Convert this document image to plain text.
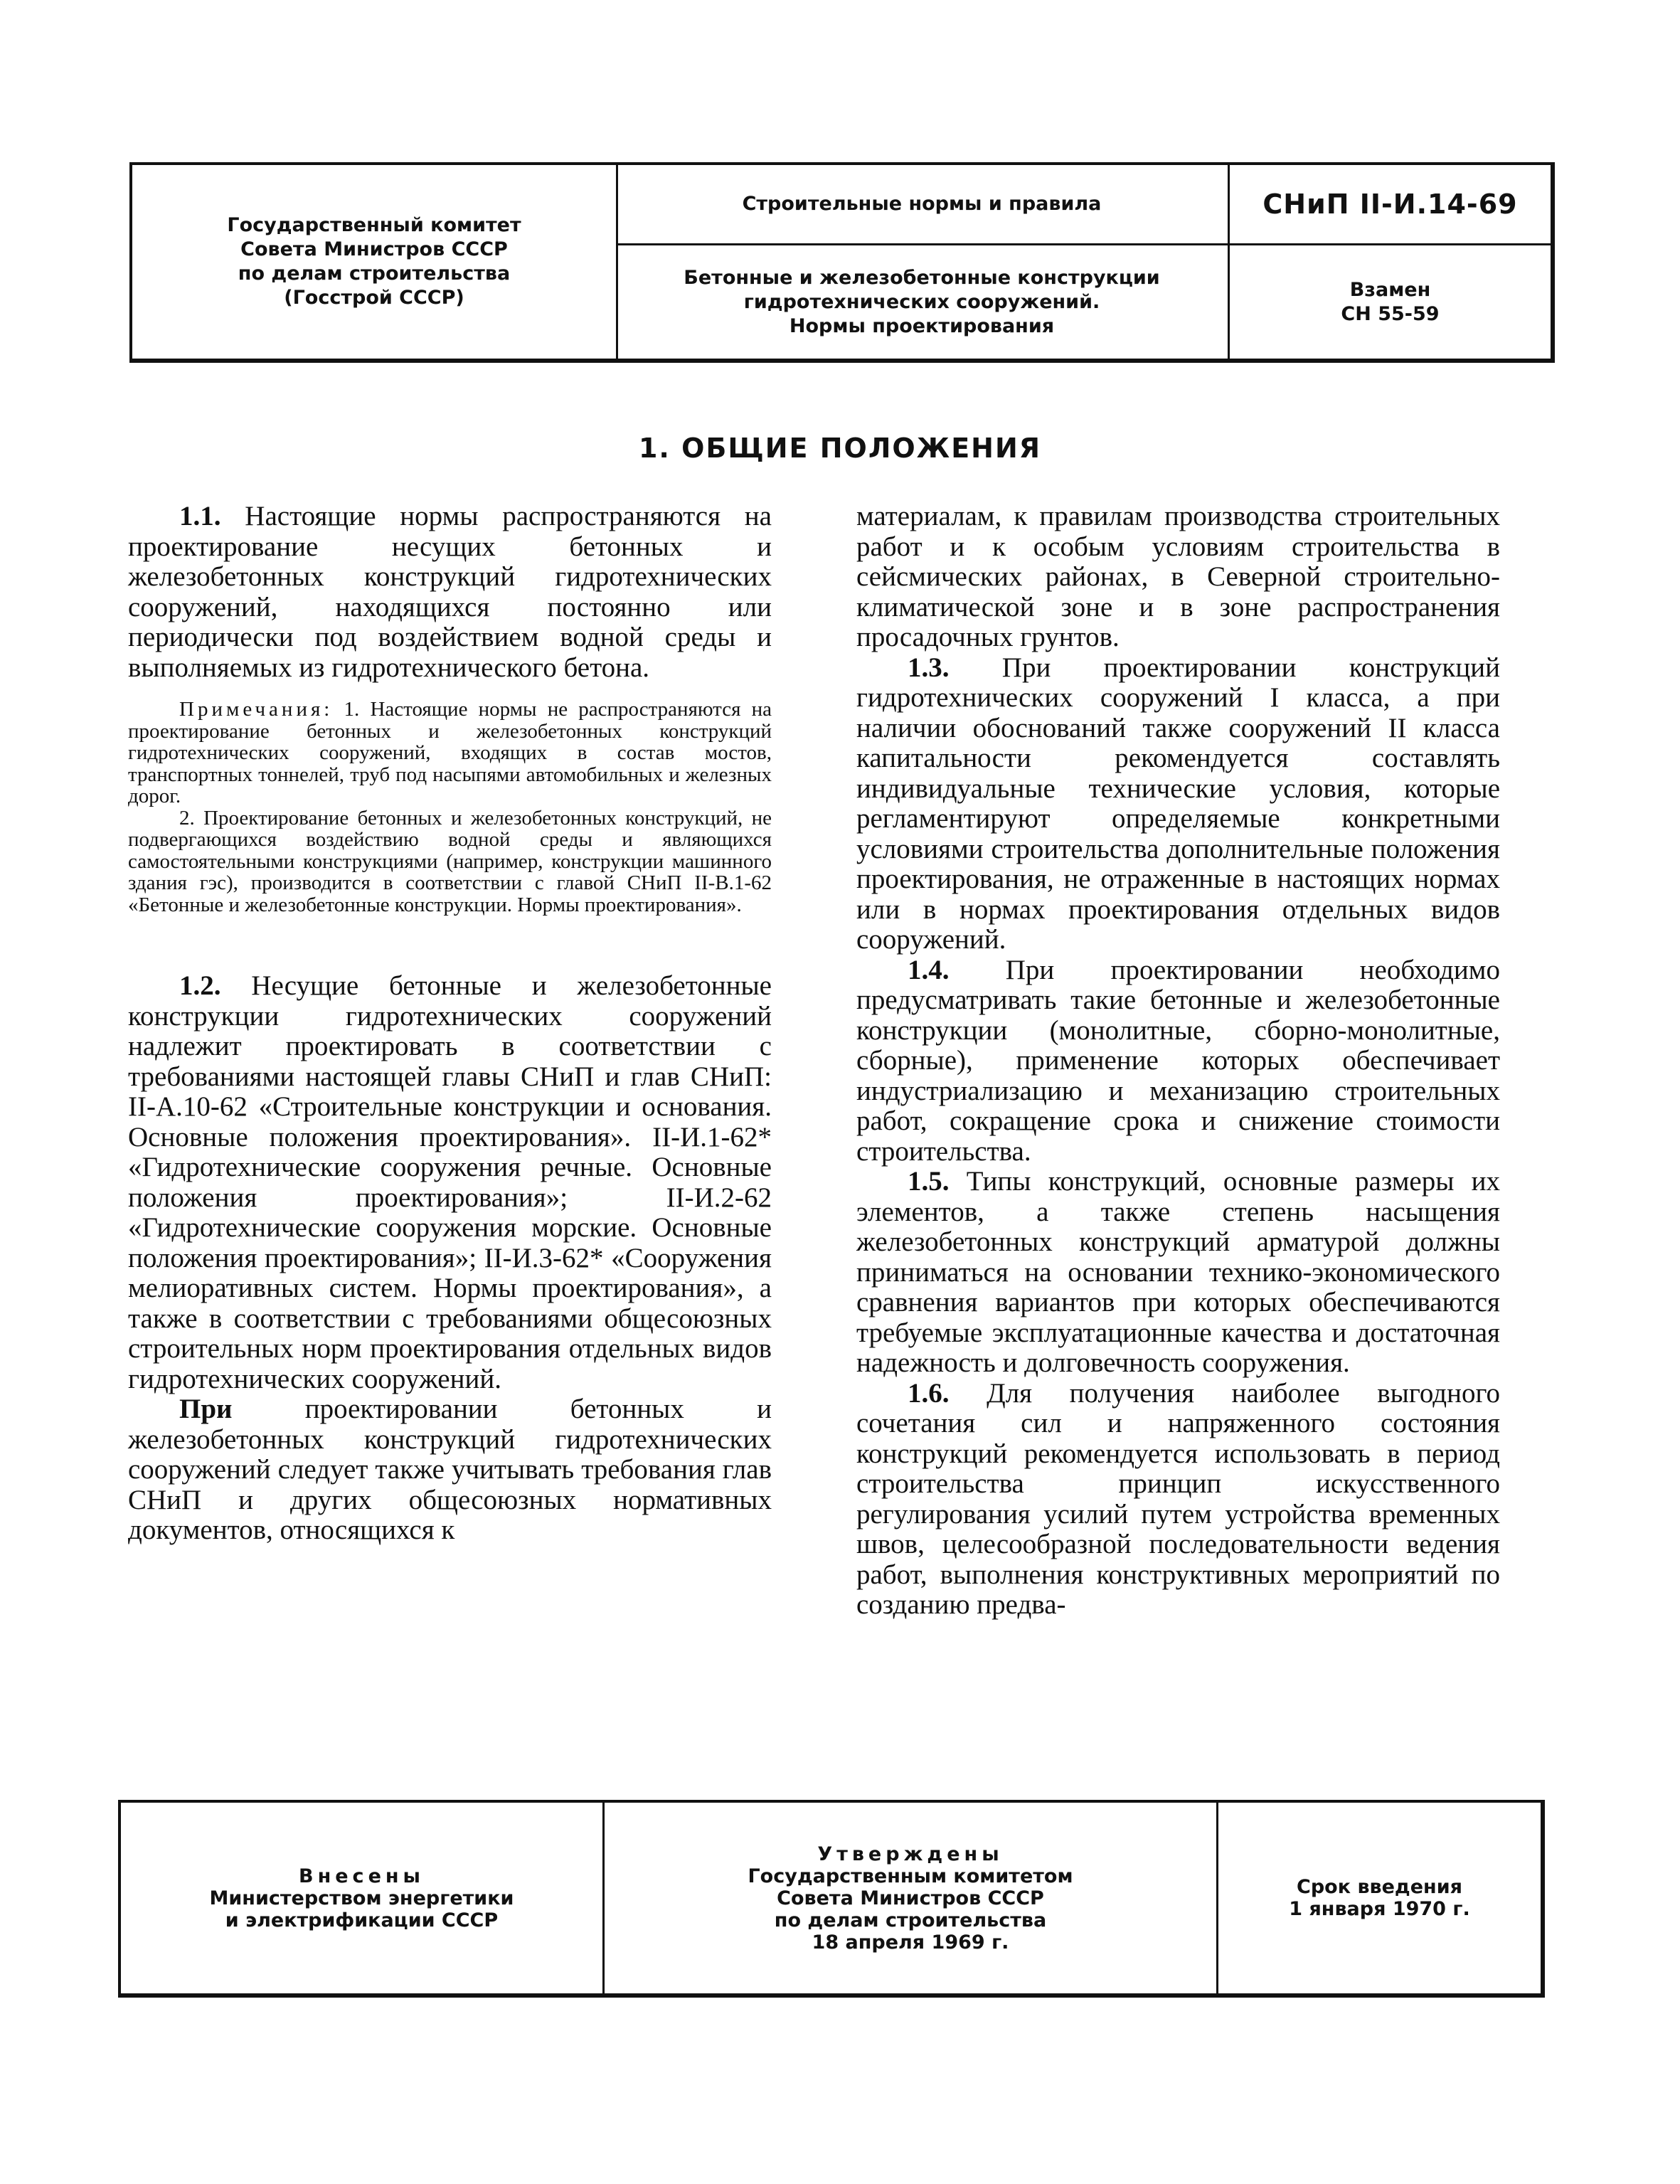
Государственный комитет
Совета Министров СССР
по делам строительства
(Госстрой СССР)
Строительные нормы и правила
Бетонные и железобетонные конструкции
гидротехнических сооружений.
Нормы проектирования
СНиП II-И.14-69
Взамен
СН 55-59
1. ОБЩИЕ ПОЛОЖЕНИЯ

1.1. Настоящие нормы распространяются на проектирование несущих бетонных и железобетонных конструкций гидротехнических сооружений, находящихся постоянно или периодически под воздействием водной среды и выполняемых из гидротехнического бетона.

Примечания: 1. Настоящие нормы не распространяются на проектирование бетонных и железобетонных конструкций гидротехнических сооружений, входящих в состав мостов, транспортных тоннелей, труб под насыпями автомобильных и железных дорог.

2. Проектирование бетонных и железобетонных конструкций, не подвергающихся воздействию водной среды и являющихся самостоятельными конструкциями (например, конструкции машинного здания гэс), производится в соответствии с главой СНиП II-В.1-62 «Бетонные и железобетонные конструкции. Нормы проектирования».

1.2. Несущие бетонные и железобетонные конструкции гидротехнических сооружений надлежит проектировать в соответствии с требованиями настоящей главы СНиП и глав СНиП: II-А.10-62 «Строительные конструкции и основания. Основные положения проектирования». II-И.1-62* «Гидротехнические сооружения речные. Основные положения проектирования»; II-И.2-62 «Гидротехнические сооружения морские. Основные положения проектирования»; II-И.3-62* «Сооружения мелиоративных систем. Нормы проектирования», а также в соответствии с требованиями общесоюзных строительных норм проектирования отдельных видов гидротехнических сооружений.

При проектировании бетонных и железобетонных конструкций гидротехнических сооружений следует также учитывать требования глав СНиП и других общесоюзных нормативных документов, относящихся к

материалам, к правилам производства строительных работ и к особым условиям строительства в сейсмических районах, в Северной строительно-климатической зоне и в зоне распространения просадочных грунтов.

1.3. При проектировании конструкций гидротехнических сооружений I класса, а при наличии обоснований также сооружений II класса капитальности рекомендуется составлять индивидуальные технические условия, которые регламентируют определяемые конкретными условиями строительства дополнительные положения проектирования, не отраженные в настоящих нормах или в нормах проектирования отдельных видов сооружений.

1.4. При проектировании необходимо предусматривать такие бетонные и железобетонные конструкции (монолитные, сборно-монолитные, сборные), применение которых обеспечивает индустриализацию и механизацию строительных работ, сокращение срока и снижение стоимости строительства.

1.5. Типы конструкций, основные размеры их элементов, а также степень насыщения железобетонных конструкций арматурой должны приниматься на основании технико-экономического сравнения вариантов при которых обеспечиваются требуемые эксплуатационные качества и достаточная надежность и долговечность сооружения.

1.6. Для получения наиболее выгодного сочетания сил и напряженного состояния конструкций рекомендуется использовать в период строительства принцип искусственного регулирования усилий путем устройства временных швов, целесообразной последовательности ведения работ, выполнения конструктивных мероприятий по созданию предва-

Внесены
Министерством энергетики
и электрификации СССР
Утверждены
Государственным комитетом
Совета Министров СССР
по делам строительства
18 апреля 1969 г.
Срок введения
1 января 1970 г.
